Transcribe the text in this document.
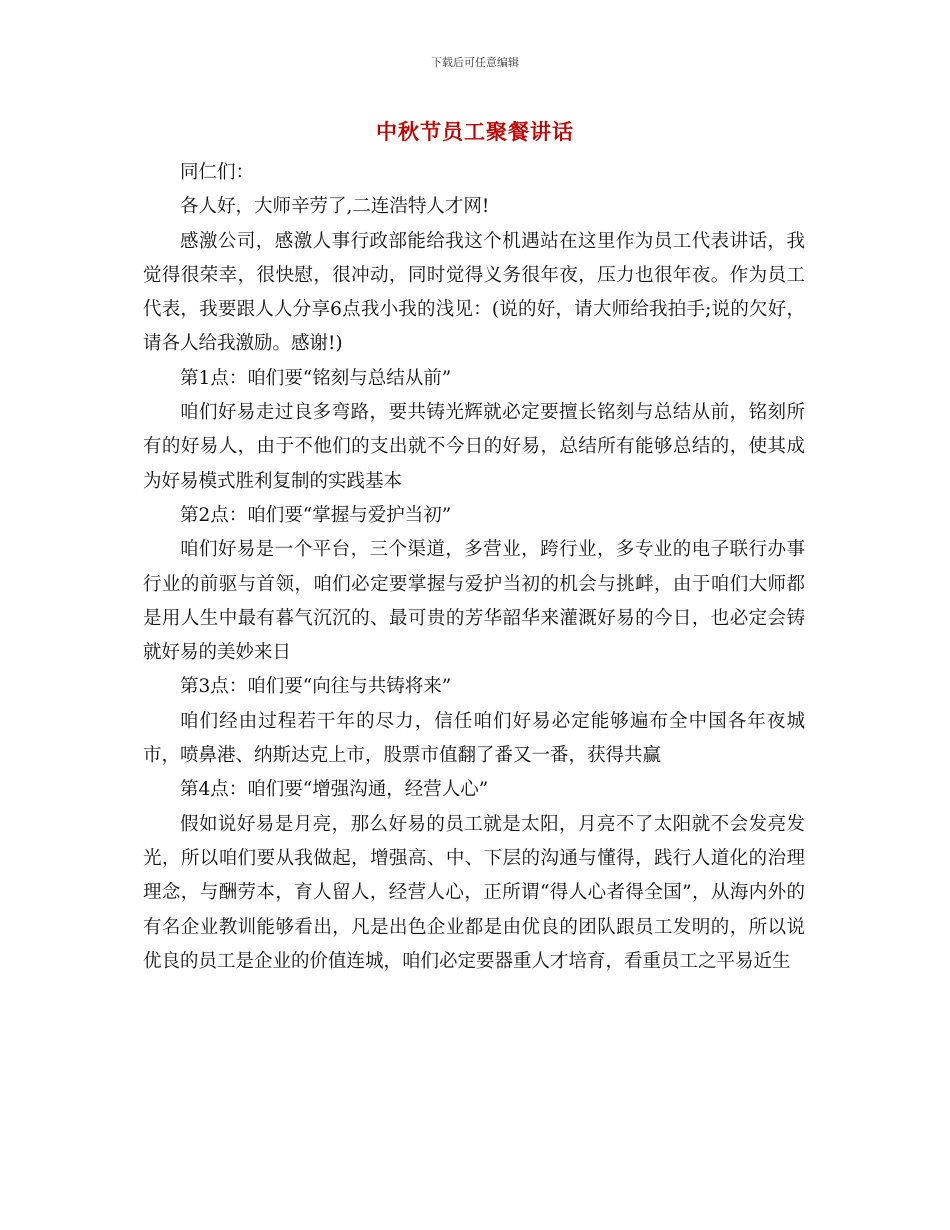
下载后可任意编辑
中秋节员工聚餐讲话

同仁们：

各人好，大师辛劳了,二连浩特人才网!

感激公司，感激人事行政部能给我这个机遇站在这里作为员工代表讲话，我觉得很荣幸，很快慰，很冲动，同时觉得义务很年夜，压力也很年夜。作为员工代表，我要跟人人分享6点我小我的浅见：(说的好，请大师给我拍手;说的欠好，请各人给我激励。感谢!)

第1点：咱们要“铭刻与总结从前”

咱们好易走过良多弯路，要共铸光辉就必定要擅长铭刻与总结从前，铭刻所有的好易人，由于不他们的支出就不今日的好易，总结所有能够总结的，使其成为好易模式胜利复制的实践基本

第2点：咱们要“掌握与爱护当初”

咱们好易是一个平台，三个渠道，多营业，跨行业，多专业的电子联行办事行业的前驱与首领，咱们必定要掌握与爱护当初的机会与挑衅，由于咱们大师都是用人生中最有暮气沉沉的、最可贵的芳华韶华来灌溉好易的今日，也必定会铸就好易的美妙来日

第3点：咱们要“向往与共铸将来”

咱们经由过程若干年的尽力，信任咱们好易必定能够遍布全中国各年夜城市，喷鼻港、纳斯达克上市，股票市值翻了番又一番，获得共赢

第4点：咱们要“增强沟通，经营人心”

假如说好易是月亮，那么好易的员工就是太阳，月亮不了太阳就不会发亮发光，所以咱们要从我做起，增强高、中、下层的沟通与懂得，践行人道化的治理理念，与酬劳本，育人留人，经营人心，正所谓“得人心者得全国”，从海内外的有名企业教训能够看出，凡是出色企业都是由优良的团队跟员工发明的，所以说优良的员工是企业的价值连城，咱们必定要器重人才培育，看重员工之平易近生
